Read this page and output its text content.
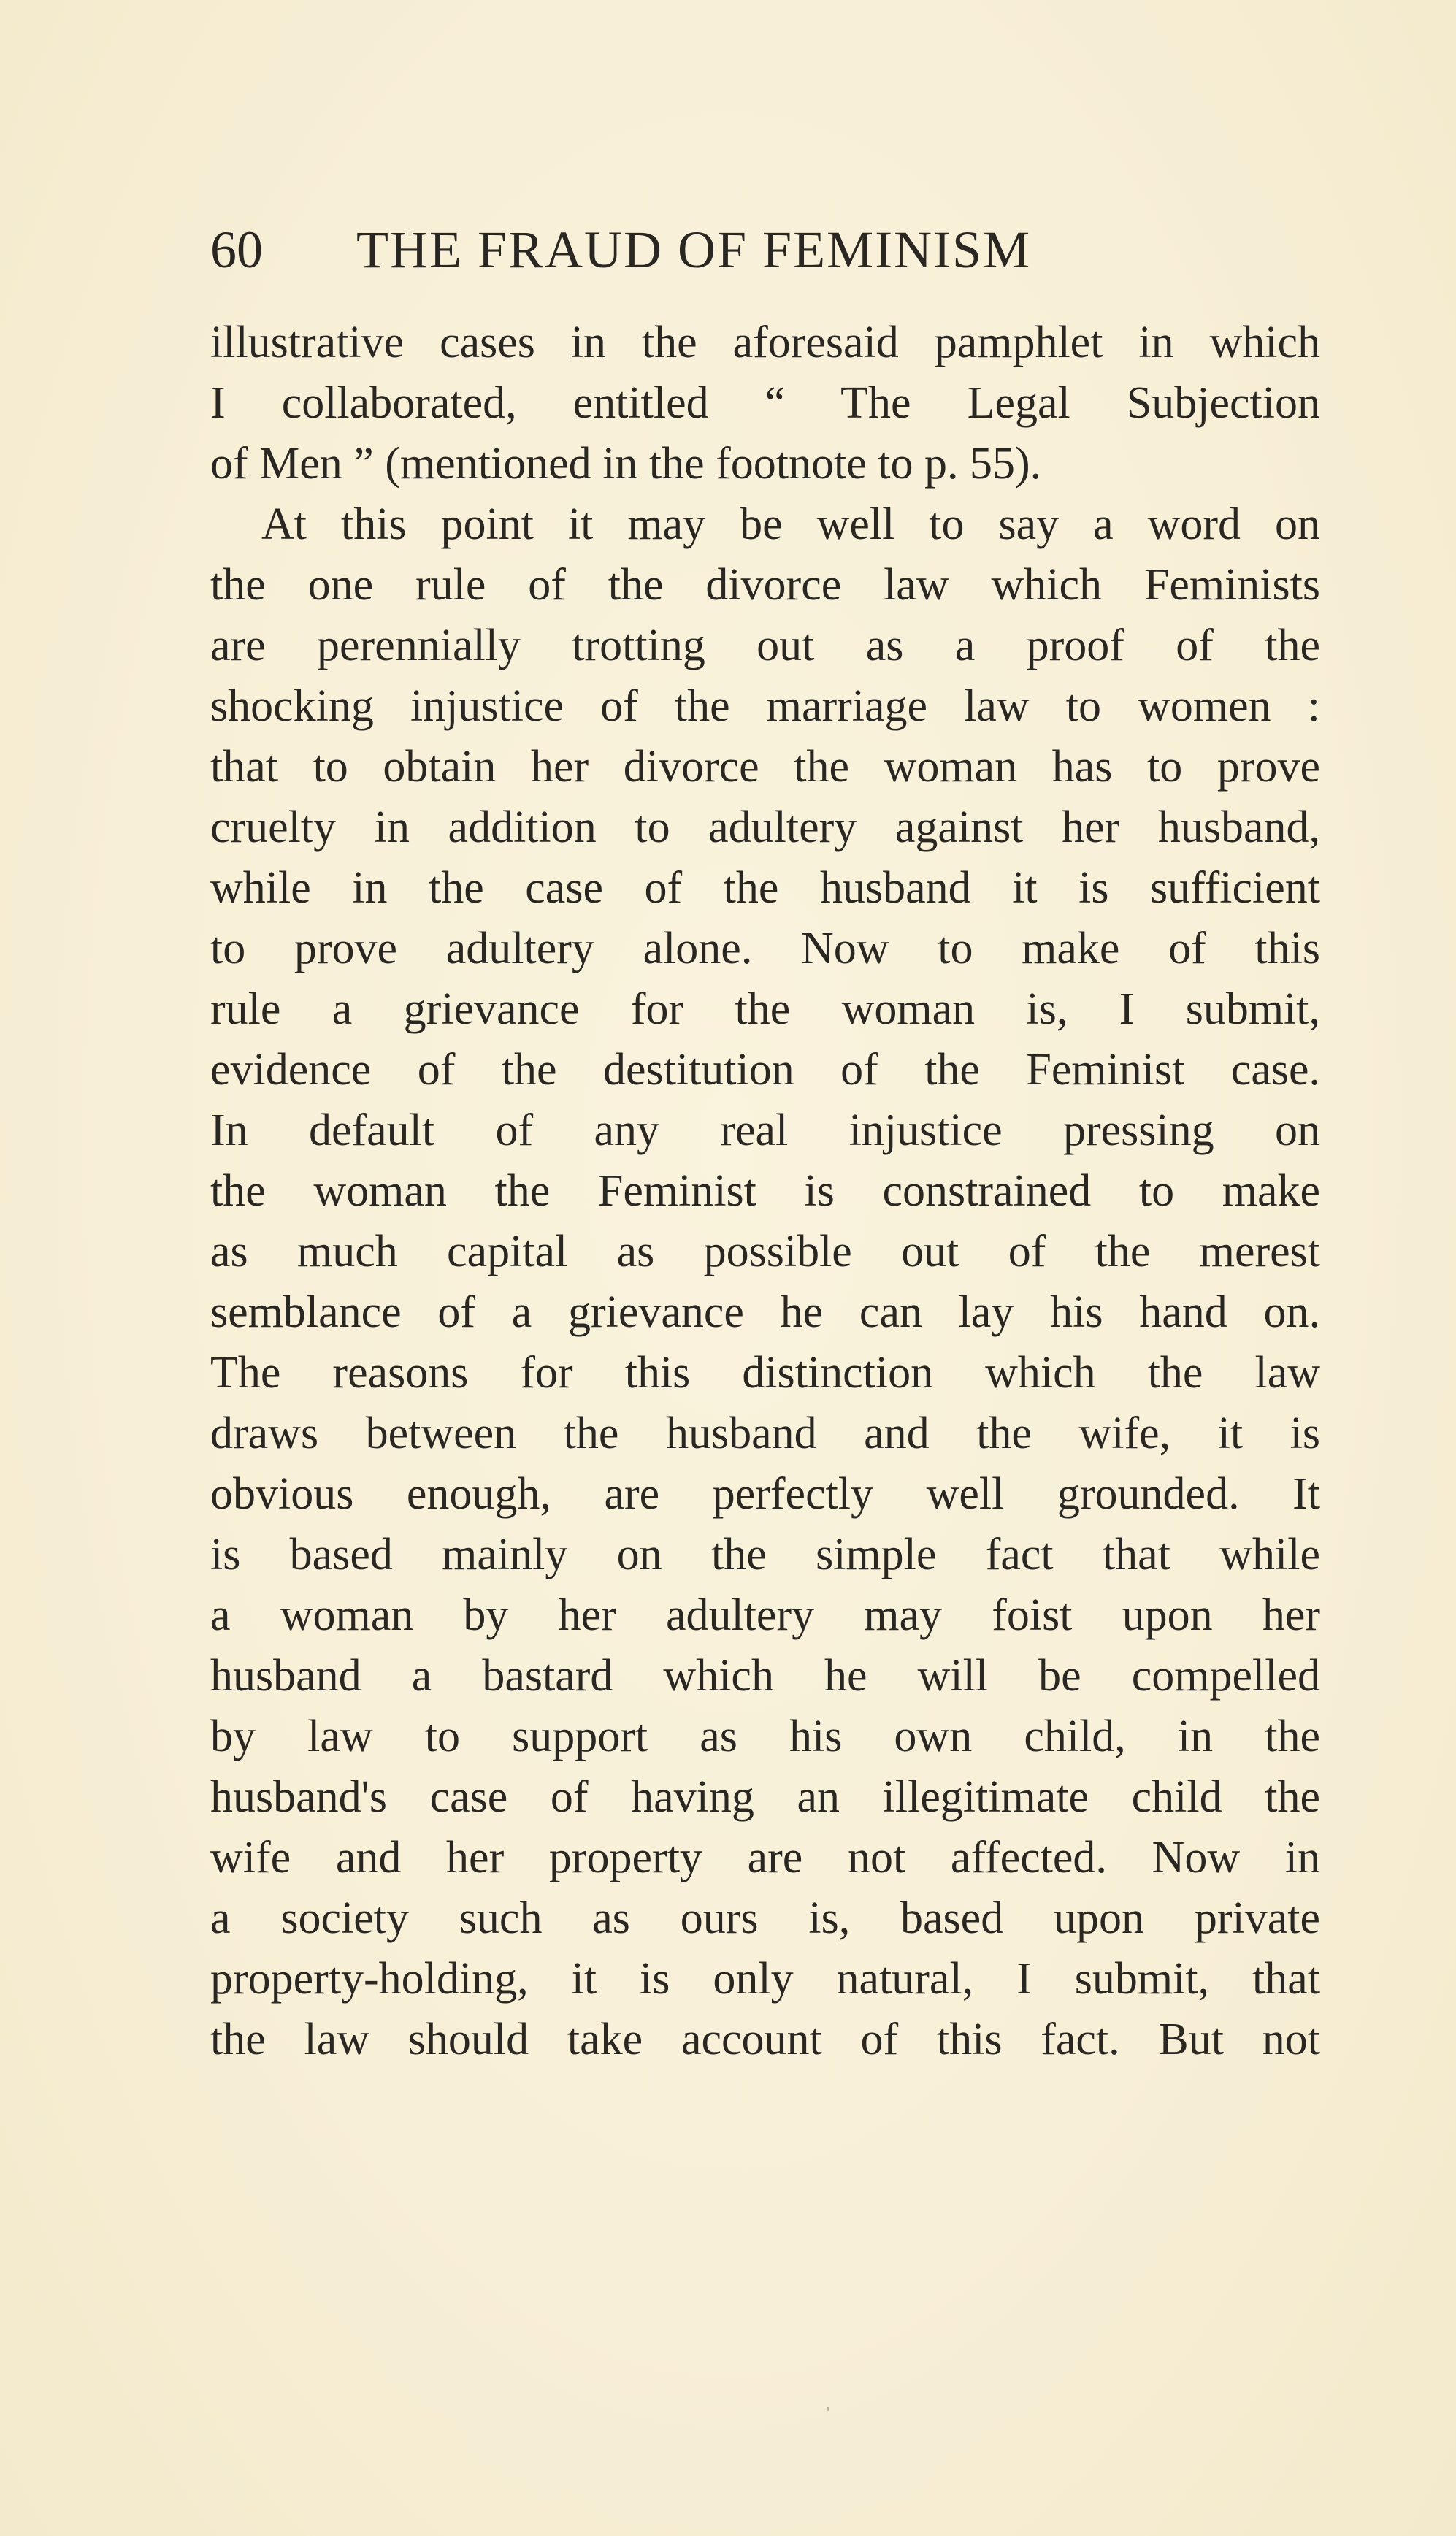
60 THE FRAUD OF FEMINISM
illustrative cases in the aforesaid pamphlet in which
I collaborated, entitled “ The Legal Subjection
of Men ” (mentioned in the footnote to p. 55).
At this point it may be well to say a word on
the one rule of the divorce law which Feminists
are perennially trotting out as a proof of the
shocking injustice of the marriage law to women :
that to obtain her divorce the woman has to prove
cruelty in addition to adultery against her husband,
while in the case of the husband it is sufficient
to prove adultery alone. Now to make of this
rule a grievance for the woman is, I submit,
evidence of the destitution of the Feminist case.
In default of any real injustice pressing on
the woman the Feminist is constrained to make
as much capital as possible out of the merest
semblance of a grievance he can lay his hand on.
The reasons for this distinction which the law
draws between the husband and the wife, it is
obvious enough, are perfectly well grounded. It
is based mainly on the simple fact that while
a woman by her adultery may foist upon her
husband a bastard which he will be compelled
by law to support as his own child, in the
husband's case of having an illegitimate child the
wife and her property are not affected. Now in
a society such as ours is, based upon private
property-holding, it is only natural, I submit, that
the law should take account of this fact. But not
